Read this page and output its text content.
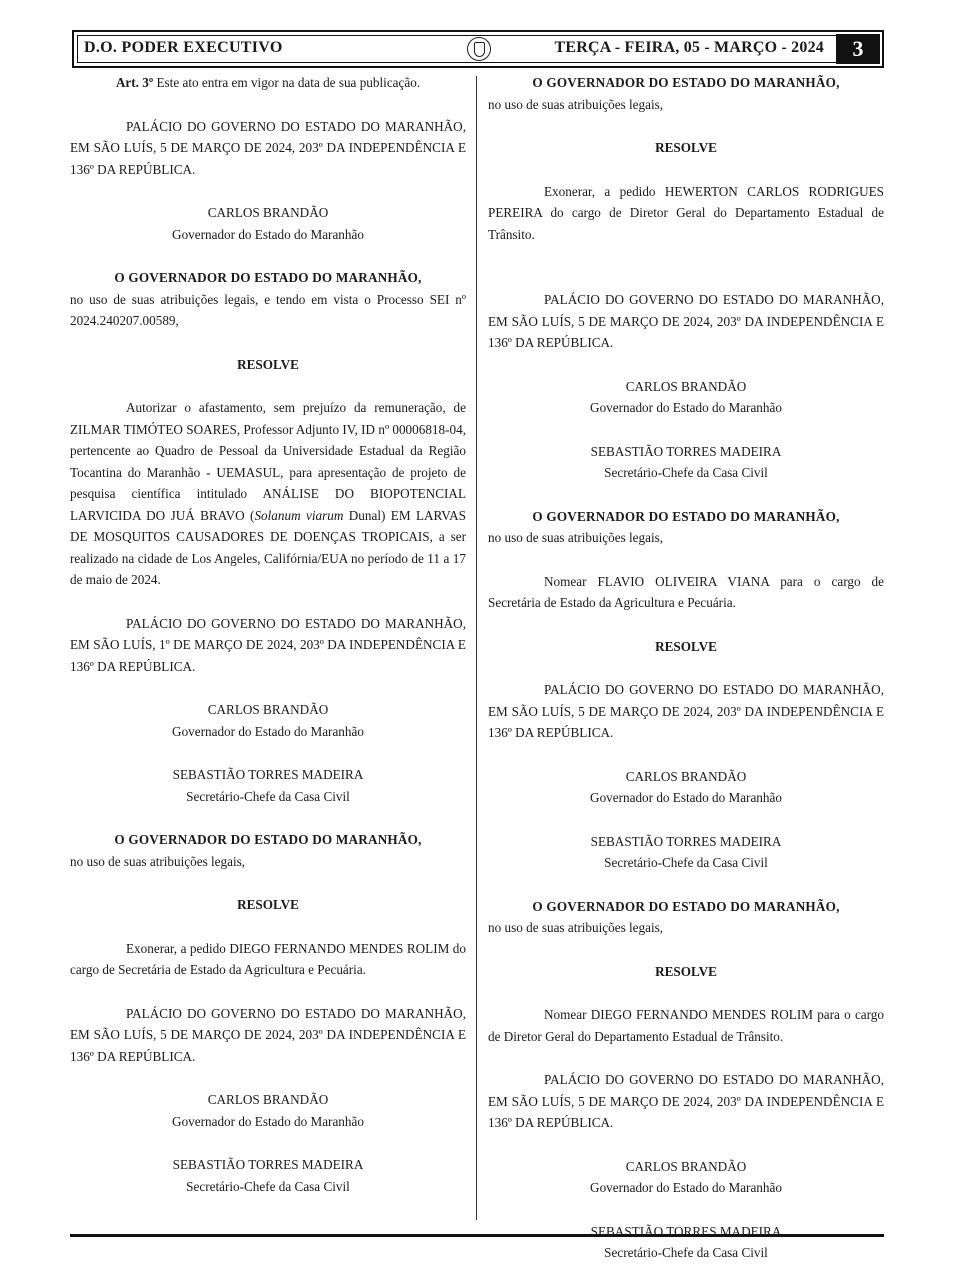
D.O. PODER EXECUTIVO	TERÇA - FEIRA, 05 - MARÇO - 2024	3

Art. 3º Este ato entra em vigor na data de sua publicação.

PALÁCIO DO GOVERNO DO ESTADO DO MARANHÃO, EM SÃO LUÍS, 5 DE MARÇO DE 2024, 203º DA INDEPENDÊNCIA E 136º DA REPÚBLICA.

CARLOS BRANDÃO

Governador do Estado do Maranhão

O GOVERNADOR DO ESTADO DO MARANHÃO,

no uso de suas atribuições legais, e tendo em vista o Processo SEI nº 2024.240207.00589,

RESOLVE

Autorizar o afastamento, sem prejuízo da remuneração, de ZILMAR TIMÓTEO SOARES, Professor Adjunto IV, ID nº 00006818-04, pertencente ao Quadro de Pessoal da Universidade Estadual da Região Tocantina do Maranhão - UEMASUL, para apresentação de projeto de pesquisa científica intitulado ANÁLISE DO BIOPOTENCIAL LARVICIDA DO JUÁ BRAVO (Solanum viarum Dunal) EM LARVAS DE MOSQUITOS CAUSADORES DE DOENÇAS TROPICAIS, a ser realizado na cidade de Los Angeles, Califórnia/EUA no período de 11 a 17 de maio de 2024.

PALÁCIO DO GOVERNO DO ESTADO DO MARANHÃO, EM SÃO LUÍS, 1º DE MARÇO DE 2024, 203º DA INDEPENDÊNCIA E 136º DA REPÚBLICA.

CARLOS BRANDÃO

Governador do Estado do Maranhão

SEBASTIÃO TORRES MADEIRA

Secretário-Chefe da Casa Civil

O GOVERNADOR DO ESTADO DO MARANHÃO,

no uso de suas atribuições legais,

RESOLVE

Exonerar, a pedido DIEGO FERNANDO MENDES ROLIM do cargo de Secretária de Estado da Agricultura e Pecuária.

PALÁCIO DO GOVERNO DO ESTADO DO MARANHÃO, EM SÃO LUÍS, 5 DE MARÇO DE 2024, 203º DA INDEPENDÊNCIA E 136º DA REPÚBLICA.

CARLOS BRANDÃO

Governador do Estado do Maranhão

SEBASTIÃO TORRES MADEIRA

Secretário-Chefe da Casa Civil

O GOVERNADOR DO ESTADO DO MARANHÃO,

no uso de suas atribuições legais,

RESOLVE

Exonerar, a pedido HEWERTON CARLOS RODRIGUES PEREIRA do cargo de Diretor Geral do Departamento Estadual de Trânsito.

PALÁCIO DO GOVERNO DO ESTADO DO MARANHÃO, EM SÃO LUÍS, 5 DE MARÇO DE 2024, 203º DA INDEPENDÊNCIA E 136º DA REPÚBLICA.

CARLOS BRANDÃO

Governador do Estado do Maranhão

SEBASTIÃO TORRES MADEIRA

Secretário-Chefe da Casa Civil

O GOVERNADOR DO ESTADO DO MARANHÃO,

no uso de suas atribuições legais,

Nomear FLAVIO OLIVEIRA VIANA para o cargo de Secretária de Estado da Agricultura e Pecuária.

RESOLVE

PALÁCIO DO GOVERNO DO ESTADO DO MARANHÃO, EM SÃO LUÍS, 5 DE MARÇO DE 2024, 203º DA INDEPENDÊNCIA E 136º DA REPÚBLICA.

CARLOS BRANDÃO

Governador do Estado do Maranhão

SEBASTIÃO TORRES MADEIRA

Secretário-Chefe da Casa Civil

O GOVERNADOR DO ESTADO DO MARANHÃO,

no uso de suas atribuições legais,

RESOLVE

Nomear DIEGO FERNANDO MENDES ROLIM para o cargo de Diretor Geral do Departamento Estadual de Trânsito.

PALÁCIO DO GOVERNO DO ESTADO DO MARANHÃO, EM SÃO LUÍS, 5 DE MARÇO DE 2024, 203º DA INDEPENDÊNCIA E 136º DA REPÚBLICA.

CARLOS BRANDÃO

Governador do Estado do Maranhão

SEBASTIÃO TORRES MADEIRA

Secretário-Chefe da Casa Civil
